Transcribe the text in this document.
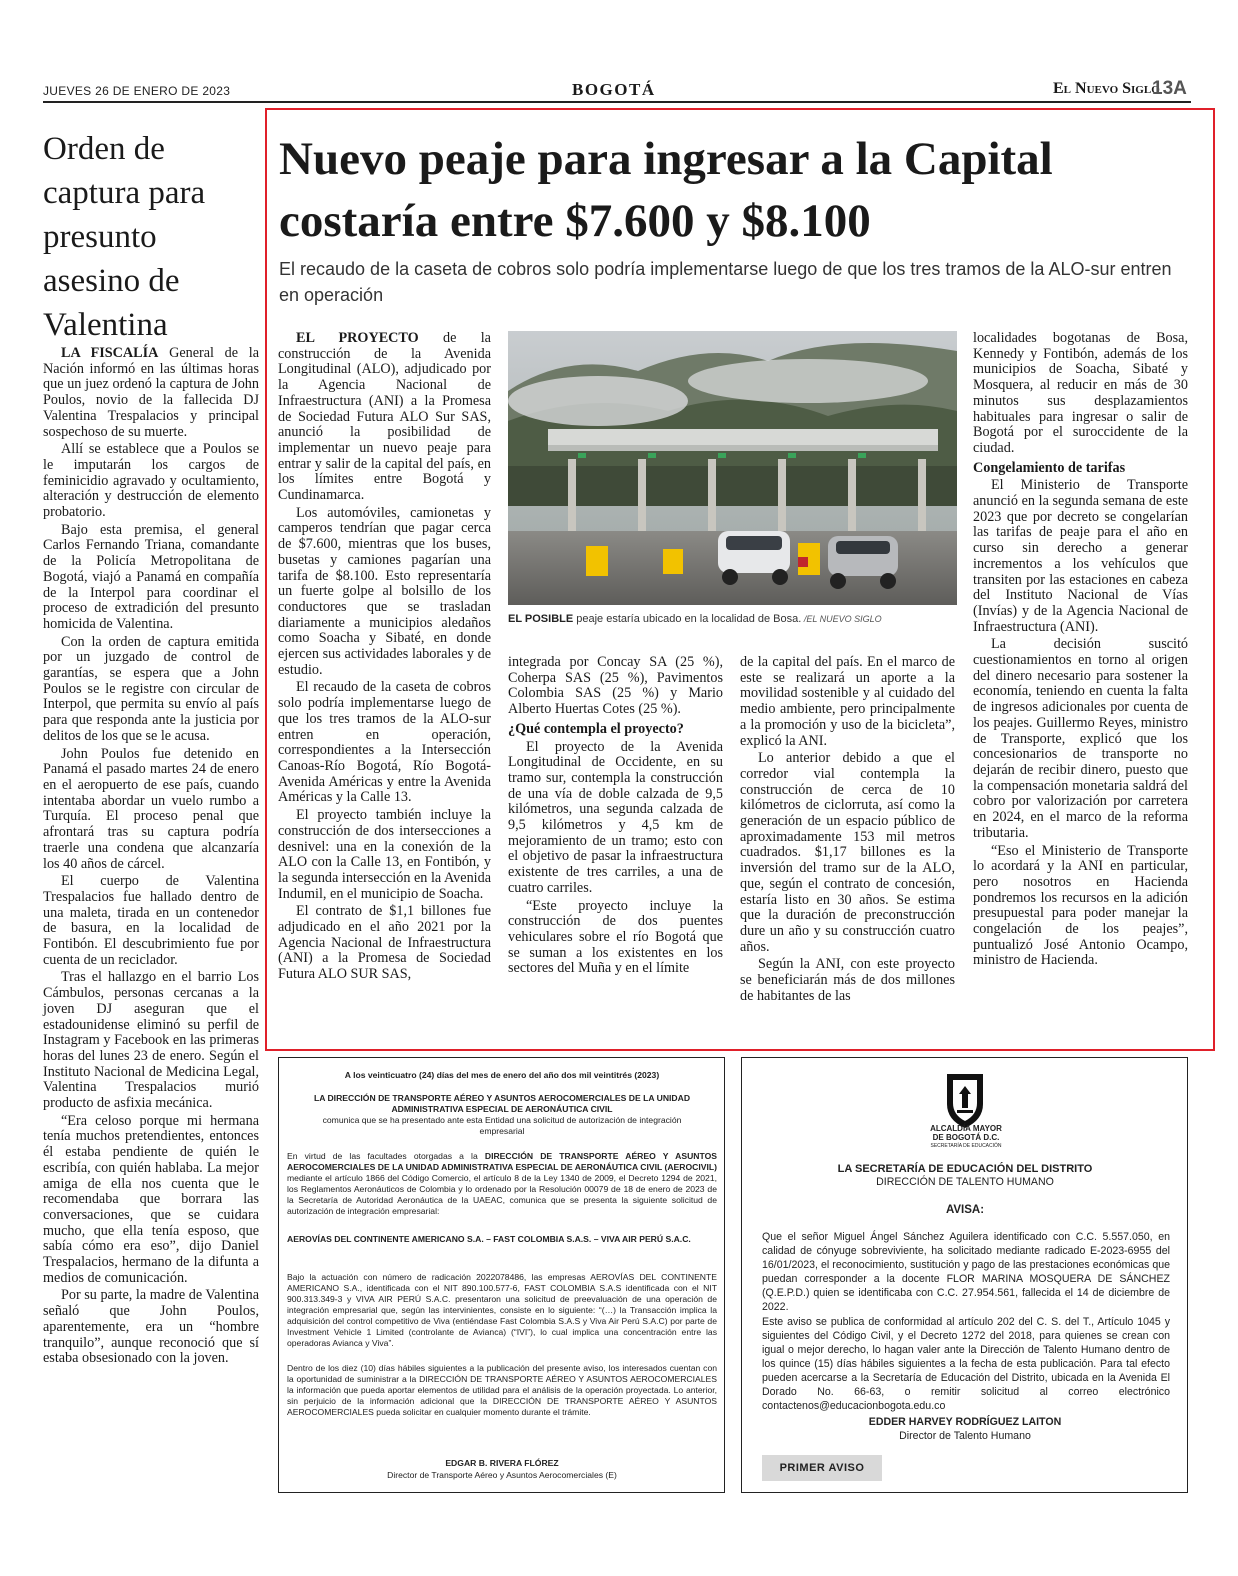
JUEVES 26 DE ENERO DE 2023	BOGOTÁ	El Nuevo Siglo
13A
Orden de captura para presunto asesino de Valentina

LA FISCALÍA General de la Nación informó en las últimas horas que un juez ordenó la captura de John Poulos, novio de la fallecida DJ Valentina Trespalacios y principal sospechoso de su muerte.

Allí se establece que a Poulos se le imputarán los cargos de feminicidio agravado y ocultamiento, alteración y destrucción de elemento probatorio.

Bajo esta premisa, el general Carlos Fernando Triana, comandante de la Policía Metropolitana de Bogotá, viajó a Panamá en compañía de la Interpol para coordinar el proceso de extradición del presunto homicida de Valentina.

Con la orden de captura emitida por un juzgado de control de garantías, se espera que a John Poulos se le registre con circular de Interpol, que permita su envío al país para que responda ante la justicia por delitos de los que se le acusa.

John Poulos fue detenido en Panamá el pasado martes 24 de enero en el aeropuerto de ese país, cuando intentaba abordar un vuelo rumbo a Turquía. El proceso penal que afrontará tras su captura podría traerle una condena que alcanzaría los 40 años de cárcel.

El cuerpo de Valentina Trespalacios fue hallado dentro de una maleta, tirada en un contenedor de basura, en la localidad de Fontibón. El descubrimiento fue por cuenta de un reciclador.

Tras el hallazgo en el barrio Los Cámbulos, personas cercanas a la joven DJ aseguran que el estadounidense eliminó su perfil de Instagram y Facebook en las primeras horas del lunes 23 de enero. Según el Instituto Nacional de Medicina Legal, Valentina Trespalacios murió producto de asfixia mecánica.

“Era celoso porque mi hermana tenía muchos pretendientes, entonces él estaba pendiente de quién le escribía, con quién hablaba. La mejor amiga de ella nos cuenta que le recomendaba que borrara las conversaciones, que se cuidara mucho, que ella tenía esposo, que sabía cómo era eso”, dijo Daniel Trespalacios, hermano de la difunta a medios de comunicación.

Por su parte, la madre de Valentina señaló que John Poulos, aparentemente, era un “hombre tranquilo”, aunque reconoció que sí estaba obsesionado con la joven.

Nuevo peaje para ingresar a la Capital costaría entre $7.600 y $8.100
El recaudo de la caseta de cobros solo podría implementarse luego de que los tres tramos de la ALO-sur entren en operación

EL PROYECTO de la construcción de la Avenida Longitudinal (ALO), adjudicado por la Agencia Nacional de Infraestructura (ANI) a la Promesa de Sociedad Futura ALO Sur SAS, anunció la posibilidad de implementar un nuevo peaje para entrar y salir de la capital del país, en los límites entre Bogotá y Cundinamarca.

Los automóviles, camionetas y camperos tendrían que pagar cerca de $7.600, mientras que los buses, busetas y camiones pagarían una tarifa de $8.100. Esto representaría un fuerte golpe al bolsillo de los conductores que se trasladan diariamente a municipios aledaños como Soacha y Sibaté, en donde ejercen sus actividades laborales y de estudio.

El recaudo de la caseta de cobros solo podría implementarse luego de que los tres tramos de la ALO-sur entren en operación, correspondientes a la Intersección Canoas-Río Bogotá, Río Bogotá-Avenida Américas y entre la Avenida Américas y la Calle 13.

El proyecto también incluye la construcción de dos intersecciones a desnivel: una en la conexión de la ALO con la Calle 13, en Fontibón, y la segunda intersección en la Avenida Indumil, en el municipio de Soacha.

El contrato de $1,1 billones fue adjudicado en el año 2021 por la Agencia Nacional de Infraestructura (ANI) a la Promesa de Sociedad Futura ALO SUR SAS,

EL POSIBLE peaje estaría ubicado en la localidad de Bosa. /EL NUEVO SIGLO

integrada por Concay SA (25 %), Coherpa SAS (25 %), Pavimentos Colombia SAS (25 %) y Mario Alberto Huertas Cotes (25 %).

¿Qué contempla el proyecto?

El proyecto de la Avenida Longitudinal de Occidente, en su tramo sur, contempla la construcción de una vía de doble calzada de 9,5 kilómetros, una segunda calzada de 9,5 kilómetros y 4,5 km de mejoramiento de un tramo; esto con el objetivo de pasar la infraestructura existente de tres carriles, a una de cuatro carriles.

“Este proyecto incluye la construcción de dos puentes vehiculares sobre el río Bogotá que se suman a los existentes en los sectores del Muña y en el límite

de la capital del país. En el marco de este se realizará un aporte a la movilidad sostenible y al cuidado del medio ambiente, pero principalmente a la promoción y uso de la bicicleta”, explicó la ANI.

Lo anterior debido a que el corredor vial contempla la construcción de cerca de 10 kilómetros de ciclorruta, así como la generación de un espacio público de aproximadamente 153 mil metros cuadrados. $1,17 billones es la inversión del tramo sur de la ALO, que, según el contrato de concesión, estaría listo en 30 años. Se estima que la duración de preconstrucción dure un año y su construcción cuatro años.

Según la ANI, con este proyecto se beneficiarán más de dos millones de habitantes de las

localidades bogotanas de Bosa, Kennedy y Fontibón, además de los municipios de Soacha, Sibaté y Mosquera, al reducir en más de 30 minutos sus desplazamientos habituales para ingresar o salir de Bogotá por el suroccidente de la ciudad.

Congelamiento de tarifas

El Ministerio de Transporte anunció en la segunda semana de este 2023 que por decreto se congelarían las tarifas de peaje para el año en curso sin derecho a generar incrementos a los vehículos que transiten por las estaciones en cabeza del Instituto Nacional de Vías (Invías) y de la Agencia Nacional de Infraestructura (ANI).

La decisión suscitó cuestionamientos en torno al origen del dinero necesario para sostener la economía, teniendo en cuenta la falta de ingresos adicionales por cuenta de los peajes. Guillermo Reyes, ministro de Transporte, explicó que los concesionarios de transporte no dejarán de recibir dinero, puesto que la compensación monetaria saldrá del cobro por valorización por carretera en 2024, en el marco de la reforma tributaria.

“Eso el Ministerio de Transporte lo acordará y la ANI en particular, pero nosotros en Hacienda pondremos los recursos en la adición presupuestal para poder manejar la congelación de los peajes”, puntualizó José Antonio Ocampo, ministro de Hacienda.

A los veinticuatro (24) días del mes de enero del año dos mil veintitrés (2023)
LA DIRECCIÓN DE TRANSPORTE AÉREO Y ASUNTOS AEROCOMERCIALES DE LA UNIDAD ADMINISTRATIVA ESPECIAL DE AERONÁUTICA CIVIL
comunica que se ha presentado ante esta Entidad una solicitud de autorización de integración empresarial
En virtud de las facultades otorgadas a la DIRECCIÓN DE TRANSPORTE AÉREO Y ASUNTOS AEROCOMERCIALES DE LA UNIDAD ADMINISTRATIVA ESPECIAL DE AERONÁUTICA CIVIL (AEROCIVIL) mediante el artículo 1866 del Código Comercio, el artículo 8 de la Ley 1340 de 2009, el Decreto 1294 de 2021, los Reglamentos Aeronáuticos de Colombia y lo ordenado por la Resolución 00079 de 18 de enero de 2023 de la Secretaría de Autoridad Aeronáutica de la UAEAC, comunica que se presenta la siguiente solicitud de autorización de integración empresarial:
AEROVÍAS DEL CONTINENTE AMERICANO S.A. – FAST COLOMBIA S.A.S. – VIVA AIR PERÚ S.A.C.
Bajo la actuación con número de radicación 2022078486, las empresas AEROVÍAS DEL CONTINENTE AMERICANO S.A., identificada con el NIT 890.100.577-6, FAST COLOMBIA S.A.S identificada con el NIT 900.313.349-3 y VIVA AIR PERÚ S.A.C. presentaron una solicitud de preevaluación de una operación de integración empresarial que, según las intervinientes, consiste en lo siguiente: “(…) la Transacción implica la adquisición del control competitivo de Viva (entiéndase Fast Colombia S.A.S y Viva Air Perú S.A.C) por parte de Investment Vehicle 1 Limited (controlante de Avianca) (“IVI”), lo cual implica una concentración entre las operadoras Avianca y Viva”.
Dentro de los diez (10) días hábiles siguientes a la publicación del presente aviso, los interesados cuentan con la oportunidad de suministrar a la DIRECCIÓN DE TRANSPORTE AÉREO Y ASUNTOS AEROCOMERCIALES la información que pueda aportar elementos de utilidad para el análisis de la operación proyectada. Lo anterior, sin perjuicio de la información adicional que la DIRECCIÓN DE TRANSPORTE AÉREO Y ASUNTOS AEROCOMERCIALES pueda solicitar en cualquier momento durante el trámite.
EDGAR B. RIVERA FLÓREZ
Director de Transporte Aéreo y Asuntos Aerocomerciales (E)
ALCALDÍA MAYOR
DE BOGOTÁ D.C.
SECRETARÍA DE EDUCACIÓN
LA SECRETARÍA DE EDUCACIÓN DEL DISTRITO
DIRECCIÓN DE TALENTO HUMANO
AVISA:
Que el señor Miguel Ángel Sánchez Aguilera identificado con C.C. 5.557.050, en calidad de cónyuge sobreviviente, ha solicitado mediante radicado E-2023-6955 del 16/01/2023, el reconocimiento, sustitución y pago de las prestaciones económicas que puedan corresponder a la docente FLOR MARINA MOSQUERA DE SÁNCHEZ (Q.E.P.D.) quien se identificaba con C.C. 27.954.561, fallecida el 14 de diciembre de 2022.
Este aviso se publica de conformidad al artículo 202 del C. S. del T., Artículo 1045 y siguientes del Código Civil, y el Decreto 1272 del 2018, para quienes se crean con igual o mejor derecho, lo hagan valer ante la Dirección de Talento Humano dentro de los quince (15) días hábiles siguientes a la fecha de esta publicación. Para tal efecto pueden acercarse a la Secretaría de Educación del Distrito, ubicada en la Avenida El Dorado No. 66-63, o remitir solicitud al correo electrónico contactenos@educacionbogota.edu.co
EDDER HARVEY RODRÍGUEZ LAITON
Director de Talento Humano
PRIMER AVISO
